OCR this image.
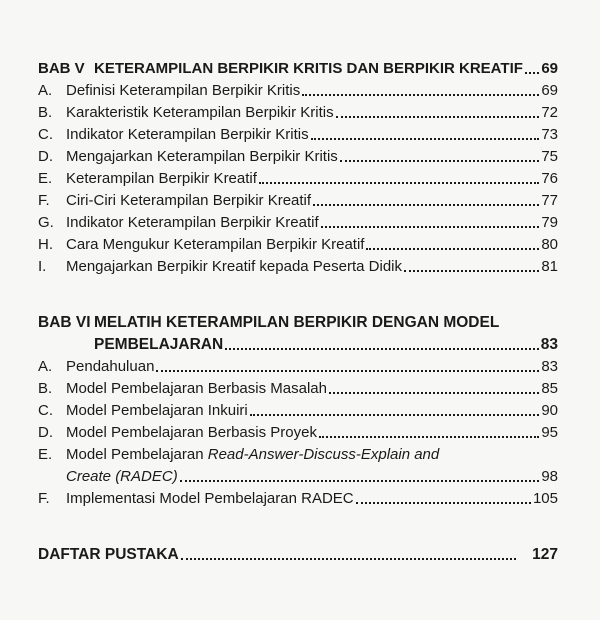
BAB V KETERAMPILAN BERPIKIR KRITIS DAN BERPIKIR KREATIF 69
A. Definisi Keterampilan Berpikir Kritis	69
B. Karakteristik Keterampilan Berpikir Kritis	72
C. Indikator Keterampilan Berpikir Kritis	73
D. Mengajarkan Keterampilan Berpikir Kritis	75
E. Keterampilan Berpikir Kreatif	76
F.	Ciri-Ciri Keterampilan Berpikir Kreatif	77
G. Indikator Keterampilan Berpikir Kreatif	79
H. Cara Mengukur Keterampilan Berpikir Kreatif	80
I.	Mengajarkan Berpikir Kreatif kepada Peserta Didik	81
BAB VI MELATIH KETERAMPILAN BERPIKIR DENGAN MODEL
PEMBELAJARAN	83
A. Pendahuluan	83
B. Model Pembelajaran Berbasis Masalah	85
C. Model Pembelajaran Inkuiri	90
D. Model Pembelajaran Berbasis Proyek	95
E. Model Pembelajaran Read-Answer-Discuss-Explain and
Create (RADEC)	98
F.	Implementasi Model Pembelajaran RADEC	105
DAFTAR PUSTAKA	127
